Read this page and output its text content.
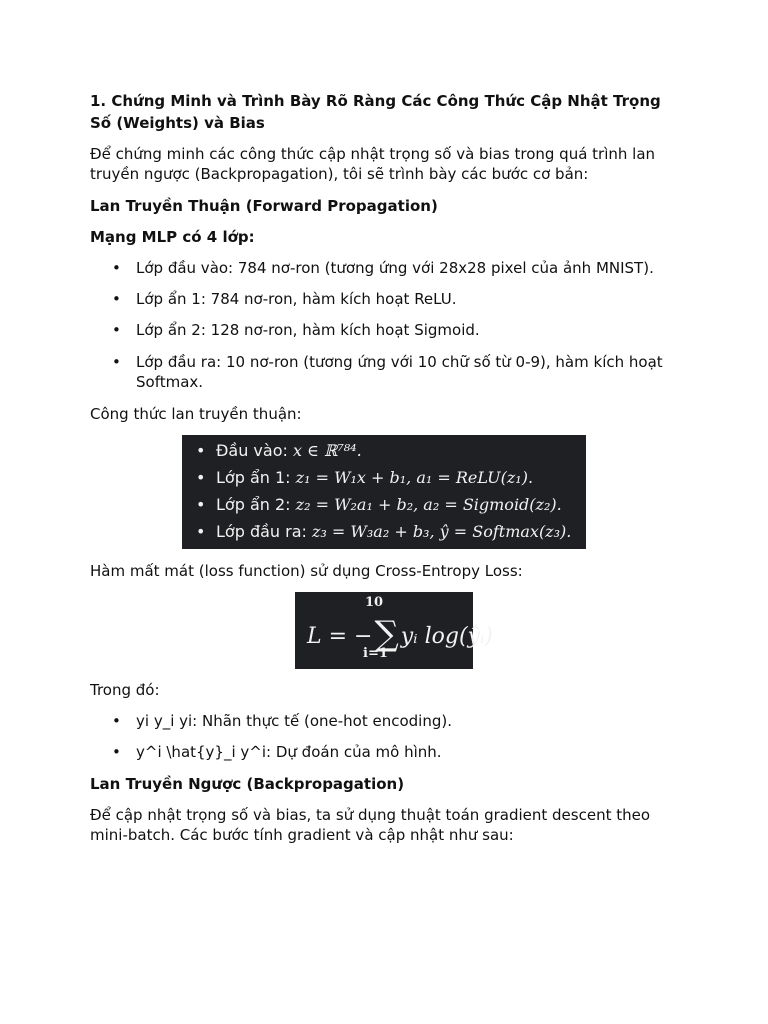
1. Chứng Minh và Trình Bày Rõ Ràng Các Công Thức Cập Nhật Trọng
Số (Weights) và Bias
Để chứng minh các công thức cập nhật trọng số và bias trong quá trình lan
truyền ngược (Backpropagation), tôi sẽ trình bày các bước cơ bản:
Lan Truyền Thuận (Forward Propagation)
Mạng MLP có 4 lớp:
• Lớp đầu vào: 784 nơ-ron (tương ứng với 28x28 pixel của ảnh MNIST).
• Lớp ẩn 1: 784 nơ-ron, hàm kích hoạt ReLU.
• Lớp ẩn 2: 128 nơ-ron, hàm kích hoạt Sigmoid.
• Lớp đầu ra: 10 nơ-ron (tương ứng với 10 chữ số từ 0-9), hàm kích hoạt
Softmax.
Công thức lan truyền thuận:
• Đầu vào: x ∈ ℝ⁷⁸⁴.
• Lớp ẩn 1: z₁ = W₁x + b₁, a₁ = ReLU(z₁).
• Lớp ẩn 2: z₂ = W₂a₁ + b₂, a₂ = Sigmoid(z₂).
• Lớp đầu ra: z₃ = W₃a₂ + b₃, ŷ = Softmax(z₃).
Hàm mất mát (loss function) sử dụng Cross-Entropy Loss:
10
L = −∑yᵢ log(ŷᵢ)
i=1
Trong đó:
• yi y_i yi: Nhãn thực tế (one-hot encoding).
• y^i \hat{y}_i y^i: Dự đoán của mô hình.
Lan Truyền Ngược (Backpropagation)
Để cập nhật trọng số và bias, ta sử dụng thuật toán gradient descent theo
mini-batch. Các bước tính gradient và cập nhật như sau:
